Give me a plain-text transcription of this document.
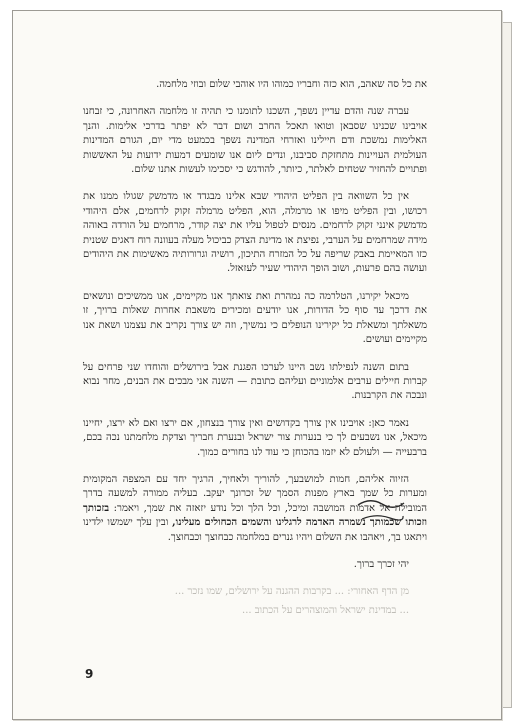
את כל סה שאהב, הוא כזה וחבריו כמוהו היו אוהבי שלום ובוזי מלחמה.

עברה שנה והדם עדיין נשפך, השכנו לתומנו כי תהיה זו מלחמה האחרונה, כי זבחנו אויבינו שכנינו שסבאן וטואו תאכל החרב ושום דבר לא יפתר בדרכי אלימות. והנך האלימות נמשכת ודם חיילינו ואזרחי המדינה נשפך בכמעט מדי יום, הגורם המדינות העולמית העויינות מתחזקת סביבנו, ונדים ליום אנו שומעים דמעות ידועות על האששות ופתויים להחזיר שטחים לאלתר, כיותר, להודגש כי יסכימו לעשות אתנו שלום.

אין כל השוואה בין הפליט היהודי שבא אלינו מבגדד או מדמשק שגולו ממנו את רכושו, ובין הפליט מיפו או מרמלה, הוא, הפליט מרמלה זקוק לרחמים, אלם היהודי מדמשק אינני זקוק לרחמים. מנסים לטפול עליו את יצה קודר, מרחמים על הורדה באוהה מידה שמרחמים על הערבי, נפיצת או מדינת הצדק כביכול מעלה בעוונה רוח דאגים שטנית כזו המאיימת באבק שריפה על כל המזרח התיכון, רושיה וגרורותיה מאשימות את היהודים ועושה בהם פרעות, ושוב הופך היהודי שעיר לעזאזל.

מיכאל יקירנו, הטלרמה כה נמהרת ואת צואתך אנו מקיימים, אנו ממשיכים ונושאים את דרכך עד סוף כל הדורות, אנו יודעים ומכירים משאבת אחרות שאלות ברויך, זו משאלתך ומשאלת כל יקירינו הנופלים כי נמשיך, וזה יש צורך נקריב את עצמנו ושאת אנו מקיימים ועושים.

בתום השנה לנפילתו נשב היינו לערכו הפגנת אבל בירושלים והוחדו שני פרחים על קברות חיילים ערבים אלמוניים ועליהם כתובת — השנה אני מבכים את הבנים, מחר נבוא ונבכה את הקרבנות.

נאמר כאן: אויבינו אין צורך בקדושים ואין צורך בנצחון, אם ירצו ואם לא ירצו, יחיינו מיכאל, אנו נשבעים לך כי בנערות צור ישראל ובנערת חבריך וצדקת מלחמתנו נכה בכם, ברבעייה — ולעולם לא יזמו בהכוחן כי עוד לנו בחורים כמוך.

הזיוה אליהם, חמות למושבעך, להוריך ולאחיך, הרגיך יחד עם המצפה המקומית ומערות כל שמך בארץ מפנות הסמך של זכרונך יעקב. בעליה ממורה למשעה בדרך המובילה אל אדמות המושבה ומיכל, וכל הלך וכל נודע יזאזה את שמך, ויאמר: בזכותך וזכותו שכמותך נשמרה האדמה לרגלינו והשמים הכחולים מעלינו, ובין עלך ישמשו ילדינו ויתאגו בך, ויאהבו את השלום ויהיו גנרים במלחמה כבחוצך וכבחוצך.

יהי זכרך ברוך.

מן הדף האחורי: ... בקרבות ההגנה על ירושלים, שמו נזכר ...

... במדינת ישראל והמוצהרים על הכתוב ...

9
